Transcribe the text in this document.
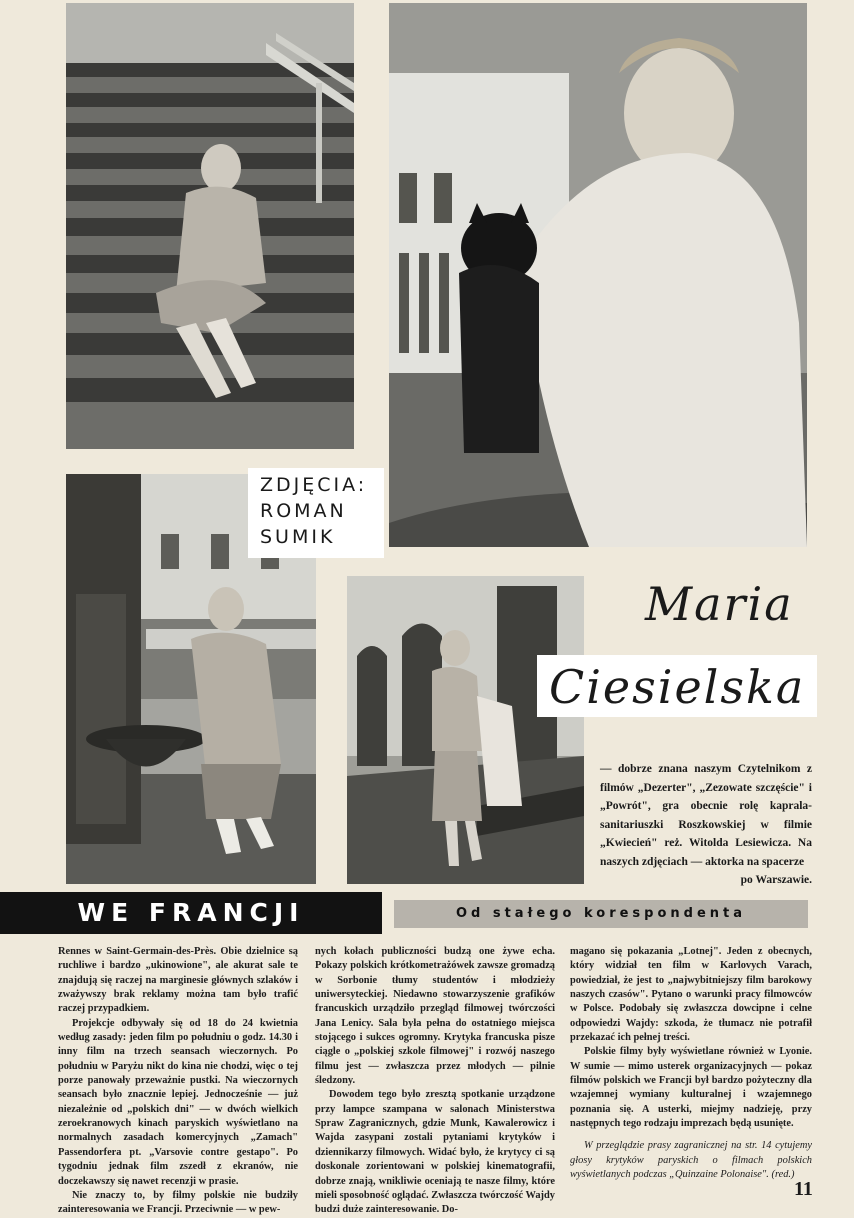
ZDJĘCIA:
ROMAN
SUMIK
Maria
Ciesielska
— dobrze znana naszym Czytelnikom z filmów „Dezerter", „Zezowate szczęście" i „Powrót", gra obecnie rolę kaprala-sanitariuszki Roszkowskiej w filmie „Kwiecień" reż. Witolda Lesiewicza. Na naszych zdjęciach — aktorka na spacerze
po Warszawie.
WE FRANCJI	Od stałego korespondenta

Rennes w Saint-Germain-des-Près. Obie dzielnice są ruchliwe i bardzo „ukinowione", ale akurat sale te znajdują się raczej na marginesie głównych szlaków i zważywszy brak reklamy można tam było trafić raczej przypadkiem.

Projekcje odbywały się od 18 do 24 kwietnia według zasady: jeden film po południu o godz. 14.30 i inny film na trzech seansach wieczornych. Po południu w Paryżu nikt do kina nie chodzi, więc o tej porze panowały przeważnie pustki. Na wieczornych seansach było znacznie lepiej. Jednocześnie — już niezależnie od „polskich dni" — w dwóch wielkich zeroekranowych kinach paryskich wyświetlano na normalnych zasadach komercyjnych „Zamach" Passendorfera pt. „Varsovie contre gestapo". Po tygodniu jednak film zszedł z ekranów, nie doczekawszy się nawet recenzji w prasie.

Nie znaczy to, by filmy polskie nie budziły zainteresowania we Francji. Przeciwnie — w pew-

nych kołach publiczności budzą one żywe echa. Pokazy polskich krótkometrażówek zawsze gromadzą w Sorbonie tłumy studentów i młodzieży uniwersyteckiej. Niedawno stowarzyszenie grafików francuskich urządziło przegląd filmowej twórczości Jana Lenicy. Sala była pełna do ostatniego miejsca stojącego i sukces ogromny. Krytyka francuska pisze ciągle o „polskiej szkole filmowej" i rozwój naszego filmu jest — zwłaszcza przez młodych — pilnie śledzony.

Dowodem tego było zresztą spotkanie urządzone przy lampce szampana w salonach Ministerstwa Spraw Zagranicznych, gdzie Munk, Kawalerowicz i Wajda zasypani zostali pytaniami krytyków i dziennikarzy filmowych. Widać było, że krytycy ci są doskonale zorientowani w polskiej kinematografii, dobrze znają, wnikliwie oceniają te nasze filmy, które mieli sposobność oglądać. Zwłaszcza twórczość Wajdy budzi duże zainteresowanie. Do-

magano się pokazania „Lotnej". Jeden z obecnych, który widział ten film w Karlovych Varach, powiedział, że jest to „najwybitniejszy film barokowy naszych czasów". Pytano o warunki pracy filmowców w Polsce. Podobały się zwłaszcza dowcipne i celne odpowiedzi Wajdy: szkoda, że tłumacz nie potrafił przekazać ich pełnej treści.

Polskie filmy były wyświetlane również w Lyonie. W sumie — mimo usterek organizacyjnych — pokaz filmów polskich we Francji był bardzo pożyteczny dla wzajemnej wymiany kulturalnej i wzajemnego poznania się. A usterki, miejmy nadzieję, przy następnych tego rodzaju imprezach będą usunięte.

W przeglądzie prasy zagranicznej na str. 14 cytujemy głosy krytyków paryskich o filmach polskich wyświetlanych podczas „Quinzaine Polonaise". (red.)

11
